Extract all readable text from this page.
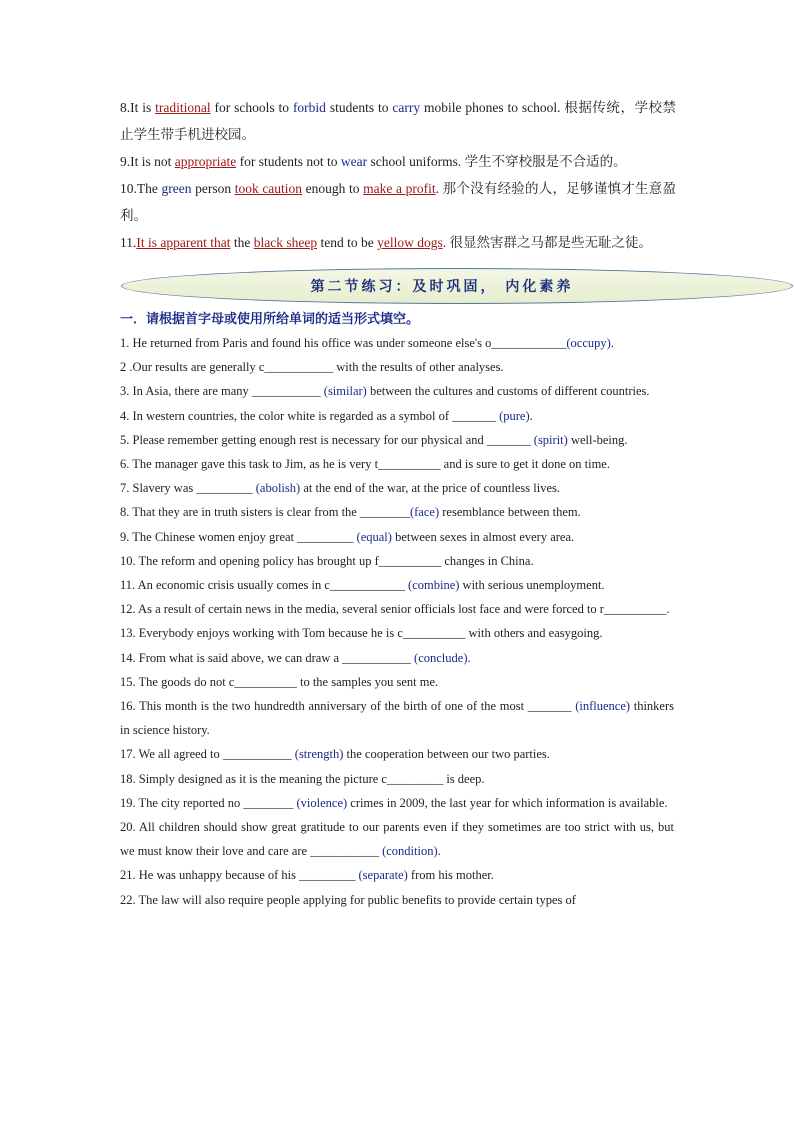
8.It is traditional for schools to forbid students to carry mobile phones to school. 根据传统，学校禁止学生带手机进校园。

9.It is not appropriate for students not to wear school uniforms. 学生不穿校服是不合适的。

10.The green person took caution enough to make a profit. 那个没有经验的人，足够谨慎才生意盈利。

11.It is apparent that the black sheep tend to be yellow dogs. 很显然害群之马都是些无耻之徒。

第二节练习：及时巩固， 内化素养
一．请根据首字母或使用所给单词的适当形式填空。

1. He returned from Paris and found his office was under someone else's o____________(occupy).

2 .Our results are generally c___________ with the results of other analyses.

3. In Asia, there are many ___________ (similar) between the cultures and customs of different countries.

4. In western countries, the color white is regarded as a symbol of _______ (pure).

5. Please remember getting enough rest is necessary for our physical and _______ (spirit) well-being.

6. The manager gave this task to Jim, as he is very t__________ and is sure to get it done on time.

7. Slavery was _________ (abolish) at the end of the war, at the price of countless lives.

8. That they are in truth sisters is clear from the ________(face) resemblance between them.

9. The Chinese women enjoy great _________ (equal) between sexes in almost every area.

10. The reform and opening policy has brought up f__________ changes in China.

11. An economic crisis usually comes in c____________ (combine) with serious unemployment.

12. As a result of certain news in the media, several senior officials lost face and were forced to r__________.

13. Everybody enjoys working with Tom because he is c__________ with others and easygoing.

14. From what is said above, we can draw a ___________ (conclude).

15. The goods do not c__________ to the samples you sent me.

16. This month is the two hundredth anniversary of the birth of one of the most _______ (influence) thinkers in science history.

17. We all agreed to ___________ (strength) the cooperation between our two parties.

18. Simply designed as it is the meaning the picture c_________ is deep.

19. The city reported no ________ (violence) crimes in 2009, the last year for which information is available.

20. All children should show great gratitude to our parents even if they sometimes are too strict with us, but we must know their love and care are ___________ (condition).

21. He was unhappy because of his _________ (separate) from his mother.

22. The law will also require people applying for public benefits to provide certain types of
